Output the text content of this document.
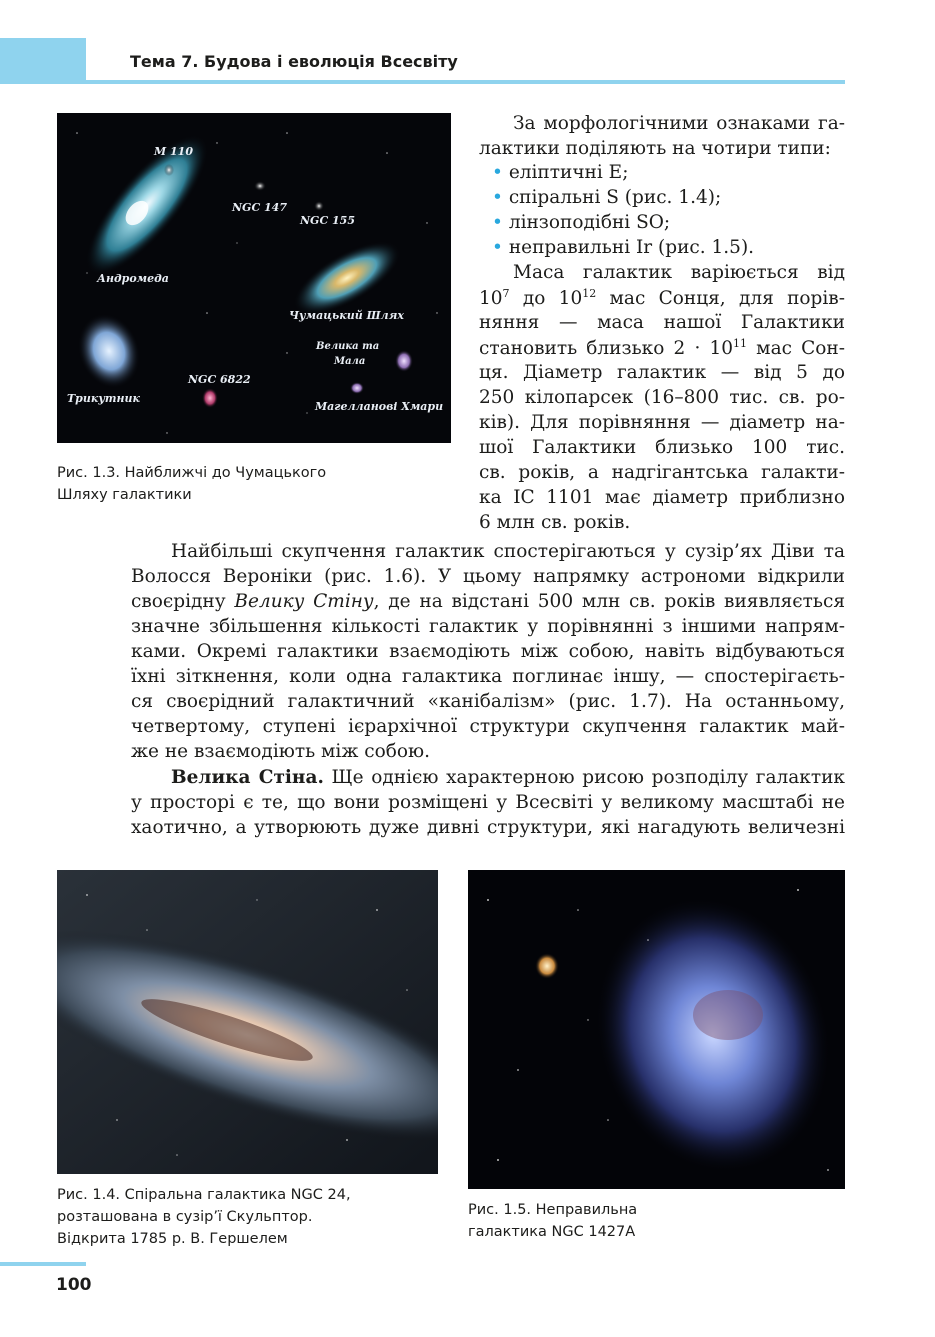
Тема 7. Будова і еволюція Всесвіту
M 110
NGC 147
NGC 155
Андромеда
Чумацький Шлях
Велика та
Мала
Магелланові Хмари
Трикутник
NGC 6822
Рис. 1.3. Найближчі до Чумацького
Шляху галактики
За морфологічними ознаками га-
лактики поділяють на чотири типи:
• еліптичні E;
• спіральні S (рис. 1.4);
• лінзоподібні SO;
• неправильні Ir (рис. 1.5).
Маса галактик варіюється від
$10^7$ до $10^{12}$ мас Сонця, для порів-
няння — маса нашої Галактики
становить близько $2 \cdot 10^{11}$ мас Сон-
ця. Діаметр галактик — від 5 до
250 кілопарсек (16–800 тис. св. ро-
ків). Для порівняння — діаметр на-
шої Галактики близько 100 тис.
св. років, а надгігантська галакти-
ка IC 1101 має діаметр приблизно
6 млн св. років.
Найбільші скупчення галактик спостерігаються у сузір’ях Діви та
Волосся Вероніки (рис. 1.6). У цьому напрямку астрономи відкрили
своєрідну Велику Стіну, де на відстані 500 млн св. років виявляється
значне збільшення кількості галактик у порівнянні з іншими напрям-
ками. Окремі галактики взаємодіють між собою, навіть відбуваються
їхні зіткнення, коли одна галактика поглинає іншу, — спостерігаєть-
ся своєрідний галактичний «канібалізм» (рис. 1.7). На останньому,
четвертому, ступені ієрархічної структури скупчення галактик май-
же не взаємодіють між собою.
Велика Стіна. Ще однією характерною рисою розподілу галактик
у просторі є те, що вони розміщені у Всесвіті у великому масштабі не
хаотично, а утворюють дуже дивні структури, які нагадують величезні
Рис. 1.4. Спіральна галактика NGC 24,
розташована в сузір’ї Скульптор.
Відкрита 1785 р. В. Гершелем
Рис. 1.5. Неправильна
галактика NGC 1427A
100
